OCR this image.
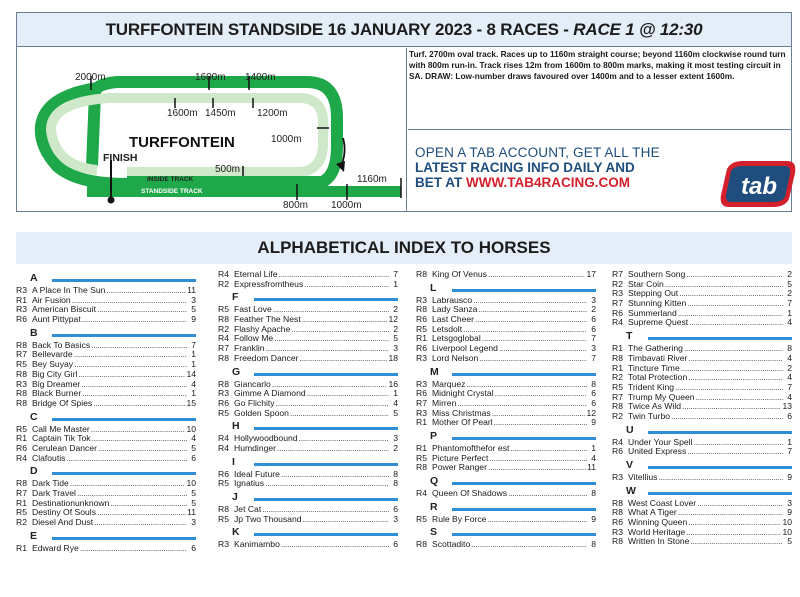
TURFFONTEIN STANDSIDE 16 JANUARY 2023 - 8 RACES - RACE 1 @ 12:30
2000m	1600m 1400m
1600m 1450m 1200m
1000m
500m
1160m
800m 1000m
TURFFONTEIN
FINISH
INSIDE TRACK
STANDSIDE TRACK
Turf. 2700m oval track. Races up to 1160m straight course; beyond 1160m clockwise round turn with 800m run-in. Track rises 12m from 1600m to 800m marks, making it most testing circuit in SA. DRAW: Low-number draws favoured over 1400m and to a lesser extent 1600m.
OPEN A TAB ACCOUNT, GET ALL THE
LATEST RACING INFO DAILY AND
BET AT WWW.TAB4RACING.COM	tab
ALPHABETICAL INDEX TO HORSES
A
R3 A Place In The Sun .....	11
R1 Air Fusion .....	3
R3 American Biscuit .....	5
R6 Aunt Pittypat .....	9
B
R8 Back To Basics .....	7
R7 Bellevarde .....	1
R5 Bey Suyay .....	1
R8 Big City Girl .....	14
R3 Big Dreamer .....	4
R8 Black Burner .....	1
R8 Bridge Of Spies .....	15
C
R5 Call Me Master .....	10
R1 Captain Tik Tok .....	4
R6 Cerulean Dancer .....	5
R4 Clafoutis .....	6
D
R8 Dark Tide .....	10
R7 Dark Travel .....	5
R1 Destinationunknown .....	5
R5 Destiny Of Souls .....	11
R2 Diesel And Dust .....	3
E
R1 Edward Rye .....	6
R4 Eternal Life .....	7
R2 Expressfromtheus .....	1
F
R5 Fast Love .....	2
R8 Feather The Nest .....	12
R2 Flashy Apache .....	2
R4 Follow Me .....	5
R7 Franklin .....	3
R8 Freedom Dancer .....	18
G
R8 Giancarlo .....	16
R3 Gimme A Diamond .....	1
R6 Go Flichity .....	4
R5 Golden Spoon .....	5
H
R4 Hollywoodbound .....	3
R4 Humdinger .....	2
I
R6 Ideal Future .....	8
R5 Ignatius .....	8
J
R8 Jet Cat .....	6
R5 Jp Two Thousand .....	3
K
R3 Kanimambo .....	6
R8 King Of Venus .....	17
L
R3 Labrausco .....	3
R8 Lady Sanza .....	2
R6 Last Cheer .....	6
R5 Letsdolt .....	6
R1 Letsgoglobal .....	7
R6 Liverpool Legend .....	3
R3 Lord Nelson .....	7
M
R3 Marquez .....	8
R6 Midnight Crystal .....	6
R7 Mirren .....	6
R3 Miss Christmas .....	12
R1 Mother Of Pearl .....	9
P
R1 Phantomofthefor est .....	1
R5 Picture Perfect .....	4
R8 Power Ranger .....	11
Q
R4 Queen Of Shadows .....	8
R
R5 Rule By Force .....	9
S
R8 Scottadito .....	8
R7 Southern Song .....	2
R2 Star Coin .....	5
R3 Stepping Out .....	2
R7 Stunning Kitten .....	7
R6 Summerland .....	1
R4 Supreme Quest .....	4
T
R1 The Gathering .....	8
R8 Timbavati River .....	4
R1 Tincture Time .....	2
R2 Total Protection .....	4
R5 Trident King .....	7
R7 Trump My Queen .....	4
R8 Twice As Wild .....	13
R2 Twin Turbo .....	6
U
R4 Under Your Spell .....	1
R6 United Express .....	7
V
R3 Vitellius .....	9
W
R8 West Coast Lover .....	3
R8 What A Tiger .....	9
R6 Winning Queen .....	10
R3 World Heritage .....	10
R8 Written In Stone .....	5
